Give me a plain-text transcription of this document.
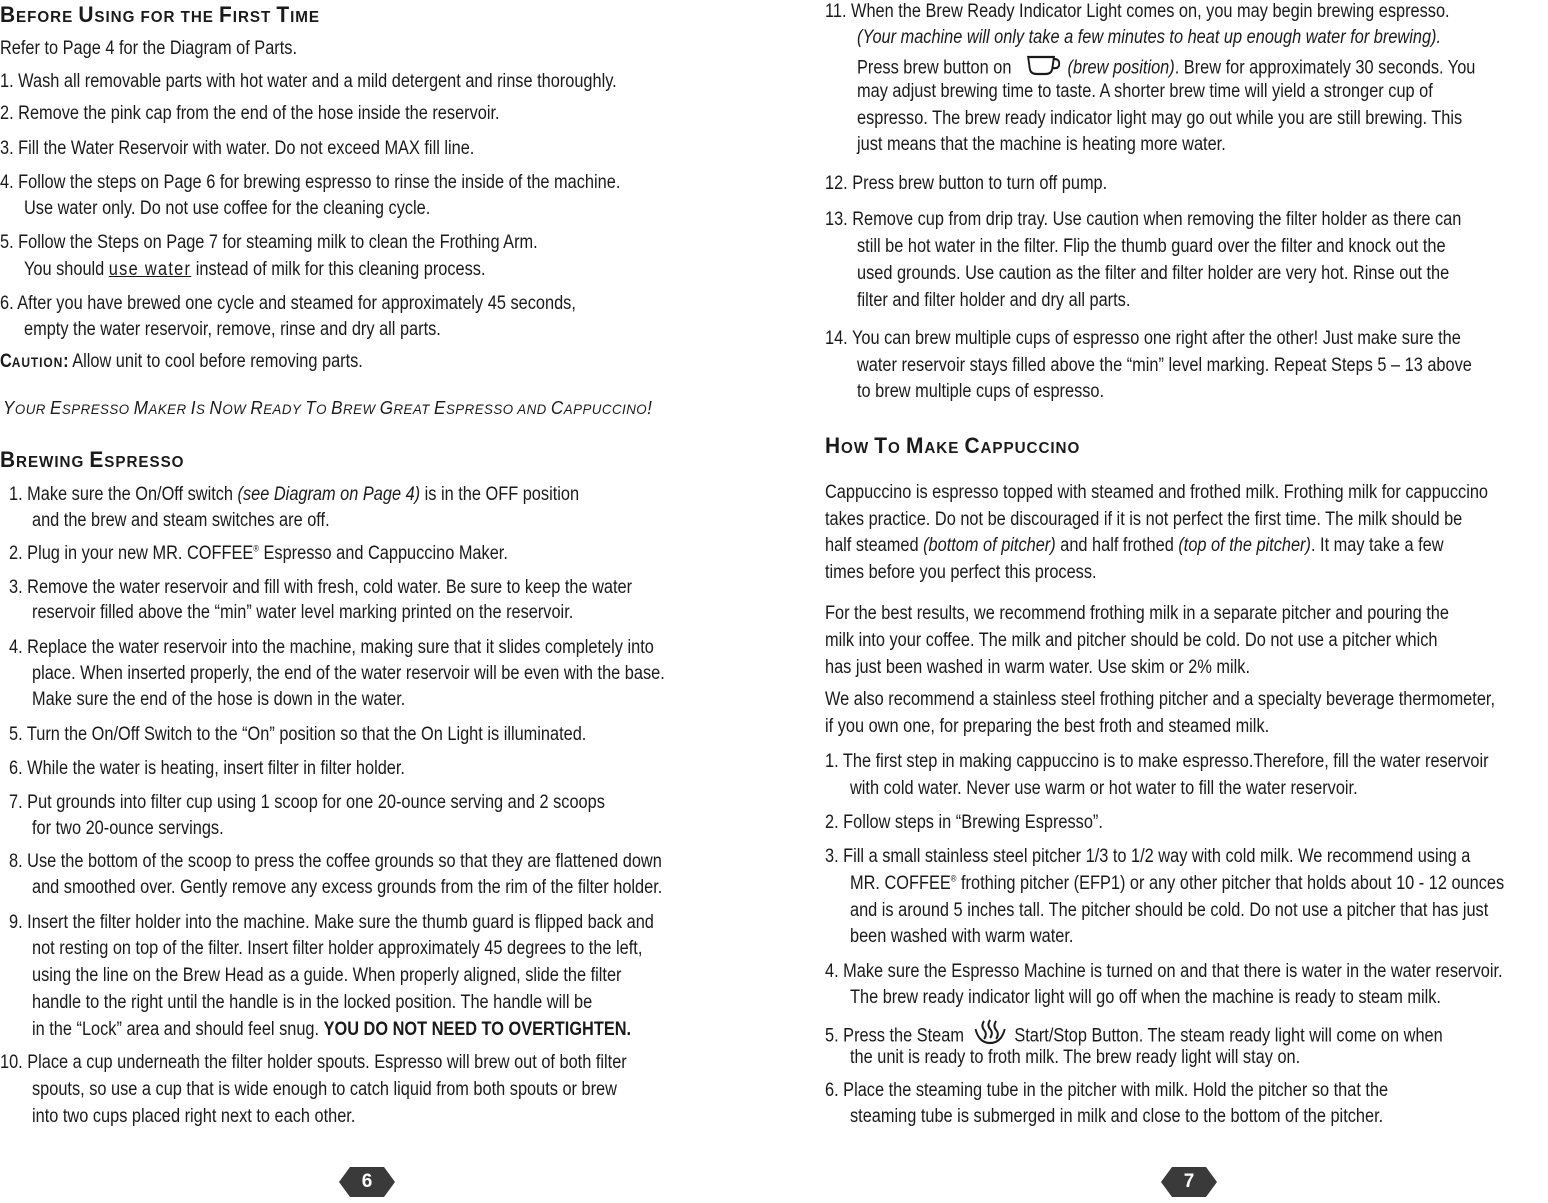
BEFORE USING FOR THE FIRST TIME
Refer to Page 4 for the Diagram of Parts.
1. Wash all removable parts with hot water and a mild detergent and rinse thoroughly.
2. Remove the pink cap from the end of the hose inside the reservoir.
3. Fill the Water Reservoir with water. Do not exceed MAX fill line.
4. Follow the steps on Page 6 for brewing espresso to rinse the inside of the machine.
Use water only. Do not use coffee for the cleaning cycle.
5. Follow the Steps on Page 7 for steaming milk to clean the Frothing Arm.
You should use water instead of milk for this cleaning process.
6. After you have brewed one cycle and steamed for approximately 45 seconds,
empty the water reservoir, remove, rinse and dry all parts.
CAUTION: Allow unit to cool before removing parts.
YOUR ESPRESSO MAKER IS NOW READY TO BREW GREAT ESPRESSO AND CAPPUCCINO!
BREWING ESPRESSO
1. Make sure the On/Off switch (see Diagram on Page 4) is in the OFF position
and the brew and steam switches are off.
2. Plug in your new MR. COFFEE® Espresso and Cappuccino Maker.
3. Remove the water reservoir and fill with fresh, cold water. Be sure to keep the water
reservoir filled above the “min” water level marking printed on the reservoir.
4. Replace the water reservoir into the machine, making sure that it slides completely into
place. When inserted properly, the end of the water reservoir will be even with the base.
Make sure the end of the hose is down in the water.
5. Turn the On/Off Switch to the “On” position so that the On Light is illuminated.
6. While the water is heating, insert filter in filter holder.
7. Put grounds into filter cup using 1 scoop for one 20-ounce serving and 2 scoops
for two 20-ounce servings.
8. Use the bottom of the scoop to press the coffee grounds so that they are flattened down
and smoothed over. Gently remove any excess grounds from the rim of the filter holder.
9. Insert the filter holder into the machine. Make sure the thumb guard is flipped back and
not resting on top of the filter. Insert filter holder approximately 45 degrees to the left,
using the line on the Brew Head as a guide. When properly aligned, slide the filter
handle to the right until the handle is in the locked position. The handle will be
in the “Lock” area and should feel snug. YOU DO NOT NEED TO OVERTIGHTEN.
10. Place a cup underneath the filter holder spouts. Espresso will brew out of both filter
spouts, so use a cup that is wide enough to catch liquid from both spouts or brew
into two cups placed right next to each other.
6
11. When the Brew Ready Indicator Light comes on, you may begin brewing espresso.
(Your machine will only take a few minutes to heat up enough water for brewing).
Press brew button on	(brew position). Brew for approximately 30 seconds. You
may adjust brewing time to taste. A shorter brew time will yield a stronger cup of
espresso. The brew ready indicator light may go out while you are still brewing. This
just means that the machine is heating more water.
12. Press brew button to turn off pump.
13. Remove cup from drip tray. Use caution when removing the filter holder as there can
still be hot water in the filter. Flip the thumb guard over the filter and knock out the
used grounds. Use caution as the filter and filter holder are very hot. Rinse out the
filter and filter holder and dry all parts.
14. You can brew multiple cups of espresso one right after the other! Just make sure the
water reservoir stays filled above the “min” level marking. Repeat Steps 5 – 13 above
to brew multiple cups of espresso.
HOW TO MAKE CAPPUCCINO
Cappuccino is espresso topped with steamed and frothed milk. Frothing milk for cappuccino
takes practice. Do not be discouraged if it is not perfect the first time. The milk should be
half steamed (bottom of pitcher) and half frothed (top of the pitcher). It may take a few
times before you perfect this process.
For the best results, we recommend frothing milk in a separate pitcher and pouring the
milk into your coffee. The milk and pitcher should be cold. Do not use a pitcher which
has just been washed in warm water. Use skim or 2% milk.
We also recommend a stainless steel frothing pitcher and a specialty beverage thermometer,
if you own one, for preparing the best froth and steamed milk.
1. The first step in making cappuccino is to make espresso.Therefore, fill the water reservoir
with cold water. Never use warm or hot water to fill the water reservoir.
2. Follow steps in “Brewing Espresso”.
3. Fill a small stainless steel pitcher 1/3 to 1/2 way with cold milk. We recommend using a
MR. COFFEE® frothing pitcher (EFP1) or any other pitcher that holds about 10 - 12 ounces
and is around 5 inches tall. The pitcher should be cold. Do not use a pitcher that has just
been washed with warm water.
4. Make sure the Espresso Machine is turned on and that there is water in the water reservoir.
The brew ready indicator light will go off when the machine is ready to steam milk.
5. Press the Steam  Start/Stop Button. The steam ready light will come on when
the unit is ready to froth milk. The brew ready light will stay on.
6. Place the steaming tube in the pitcher with milk. Hold the pitcher so that the
steaming tube is submerged in milk and close to the bottom of the pitcher.
7
